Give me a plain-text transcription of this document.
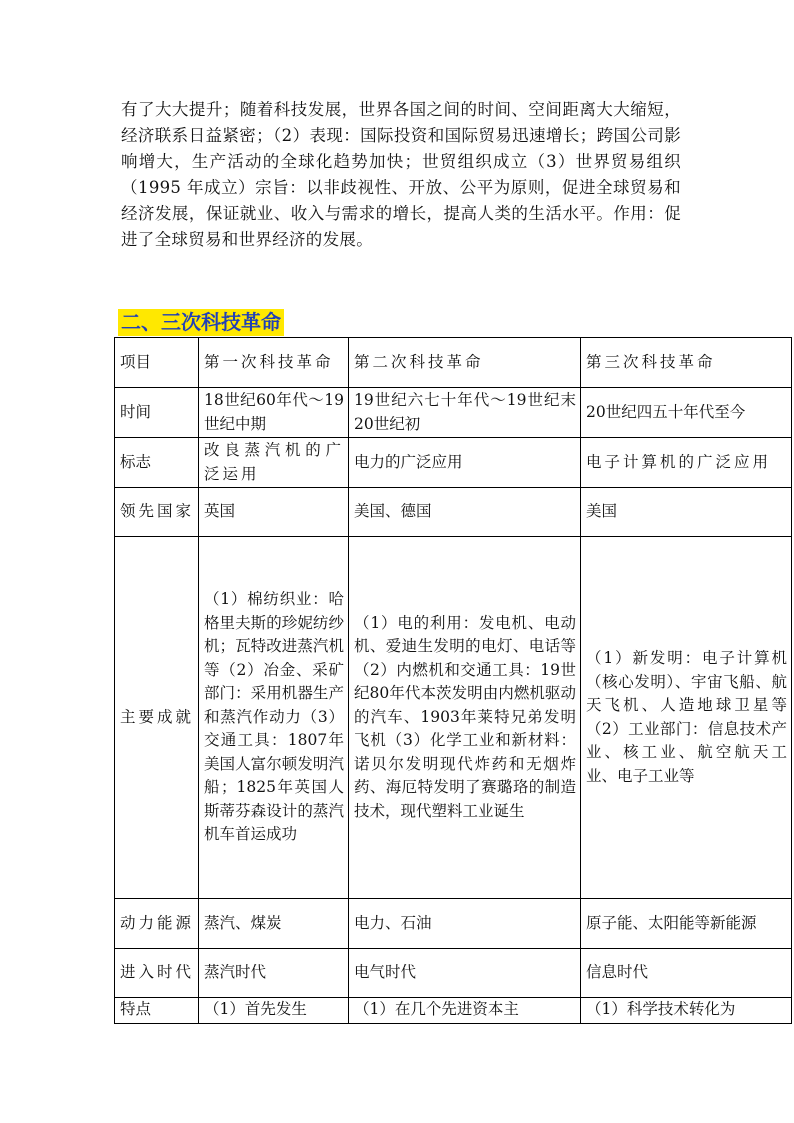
有了大大提升；随着科技发展，世界各国之间的时间、空间距离大大缩短，经济联系日益紧密；（2）表现：国际投资和国际贸易迅速增长；跨国公司影响增大，生产活动的全球化趋势加快；世贸组织成立（3）世界贸易组织（1995 年成立）宗旨：以非歧视性、开放、公平为原则，促进全球贸易和经济发展，保证就业、收入与需求的增长，提高人类的生活水平。作用：促进了全球贸易和世界经济的发展。
二、三次科技革命
项目	第一次科技革命	第二次科技革命	第三次科技革命
时间	18世纪60年代～19世纪中期	19世纪六七十年代～19世纪末20世纪初	20世纪四五十年代至今
标志	改良蒸汽机的广泛运用	电力的广泛应用	电子计算机的广泛应用
领先国家	英国	美国、德国	美国
主要成就	（1）棉纺织业：哈格里夫斯的珍妮纺纱机；瓦特改进蒸汽机等（2）冶金、采矿部门：采用机器生产和蒸汽作动力（3）交通工具：1807年美国人富尔顿发明汽船；1825年英国人斯蒂芬森设计的蒸汽机车首运成功	（1）电的利用：发电机、电动机、爱迪生发明的电灯、电话等（2）内燃机和交通工具：19世纪80年代本茨发明由内燃机驱动的汽车、1903年莱特兄弟发明飞机（3）化学工业和新材料：诺贝尔发明现代炸药和无烟炸药、海厄特发明了赛璐珞的制造技术，现代塑料工业诞生	（1）新发明：电子计算机（核心发明）、宇宙飞船、航天飞机、人造地球卫星等（2）工业部门：信息技术产业、核工业、航空航天工业、电子工业等
动力能源	蒸汽、煤炭	电力、石油	原子能、太阳能等新能源
进入时代	蒸汽时代	电气时代	信息时代
特点	（1）首先发生	（1）在几个先进资本主	（1）科学技术转化为
